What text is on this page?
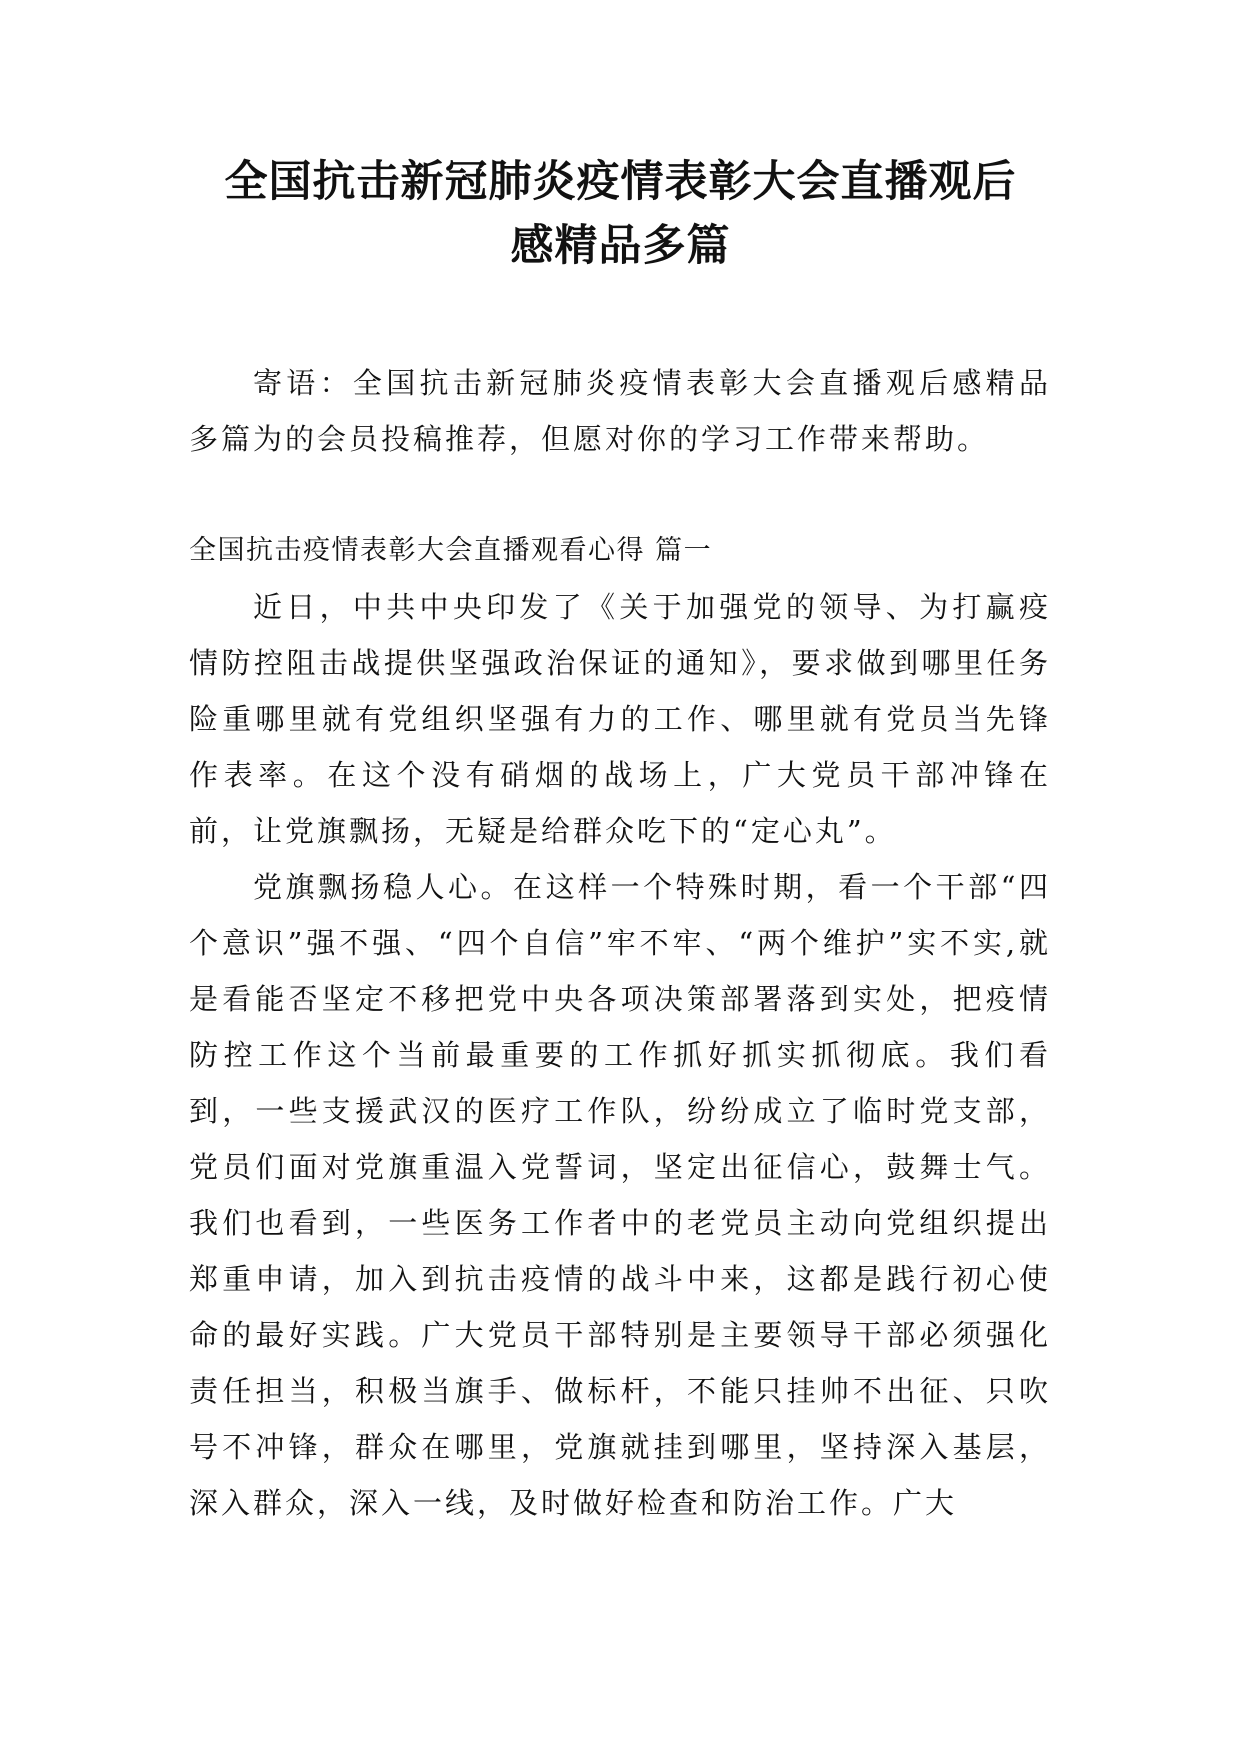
全国抗击新冠肺炎疫情表彰大会直播观后
感精品多篇

寄语：全国抗击新冠肺炎疫情表彰大会直播观后感精品多篇为的会员投稿推荐，但愿对你的学习工作带来帮助。

全国抗击疫情表彰大会直播观看心得 篇一

近日，中共中央印发了《关于加强党的领导、为打赢疫情防控阻击战提供坚强政治保证的通知》，要求做到哪里任务险重哪里就有党组织坚强有力的工作、哪里就有党员当先锋作表率。在这个没有硝烟的战场上，广大党员干部冲锋在前，让党旗飘扬，无疑是给群众吃下的“定心丸”。

党旗飘扬稳人心。在这样一个特殊时期，看一个干部“四个意识”强不强、“四个自信”牢不牢、“两个维护”实不实,就是看能否坚定不移把党中央各项决策部署落到实处，把疫情防控工作这个当前最重要的工作抓好抓实抓彻底。我们看到，一些支援武汉的医疗工作队，纷纷成立了临时党支部，党员们面对党旗重温入党誓词，坚定出征信心，鼓舞士气。我们也看到，一些医务工作者中的老党员主动向党组织提出郑重申请，加入到抗击疫情的战斗中来，这都是践行初心使命的最好实践。广大党员干部特别是主要领导干部必须强化责任担当，积极当旗手、做标杆，不能只挂帅不出征、只吹号不冲锋，群众在哪里，党旗就挂到哪里，坚持深入基层，深入群众，深入一线，及时做好检查和防治工作。广大
